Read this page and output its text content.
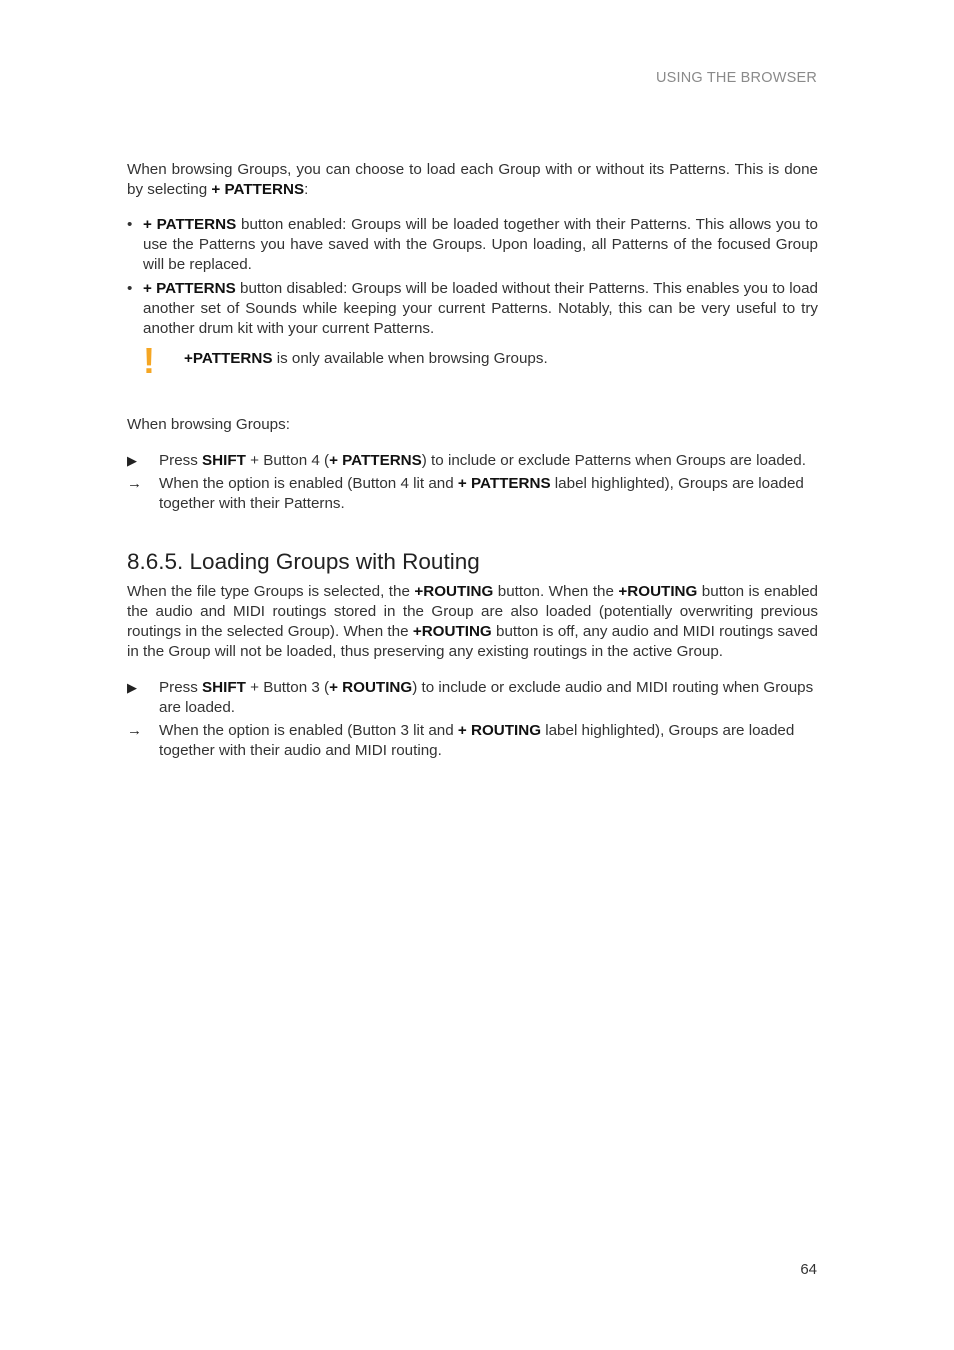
USING THE BROWSER

When browsing Groups, you can choose to load each Group with or without its Patterns. This is done by selecting + PATTERNS:

• + PATTERNS button enabled: Groups will be loaded together with their Patterns. This allows you to use the Patterns you have saved with the Groups. Upon loading, all Patterns of the focused Group will be replaced.
• + PATTERNS button disabled: Groups will be loaded without their Patterns. This enables you to load another set of Sounds while keeping your current Patterns. Notably, this can be very useful to try another drum kit with your current Patterns.
! +PATTERNS is only available when browsing Groups.

When browsing Groups:

▶ Press SHIFT + Button 4 (+ PATTERNS) to include or exclude Patterns when Groups are loaded.
→ When the option is enabled (Button 4 lit and + PATTERNS label highlighted), Groups are loaded together with their Patterns.
8.6.5. Loading Groups with Routing

When the file type Groups is selected, the +ROUTING button. When the +ROUTING button is enabled the audio and MIDI routings stored in the Group are also loaded (potentially overwriting previous routings in the selected Group). When the +ROUTING button is off, any audio and MIDI routings saved in the Group will not be loaded, thus preserving any existing routings in the active Group.

▶ Press SHIFT + Button 3 (+ ROUTING) to include or exclude audio and MIDI routing when Groups are loaded.
→ When the option is enabled (Button 3 lit and + ROUTING label highlighted), Groups are loaded together with their audio and MIDI routing.
64
